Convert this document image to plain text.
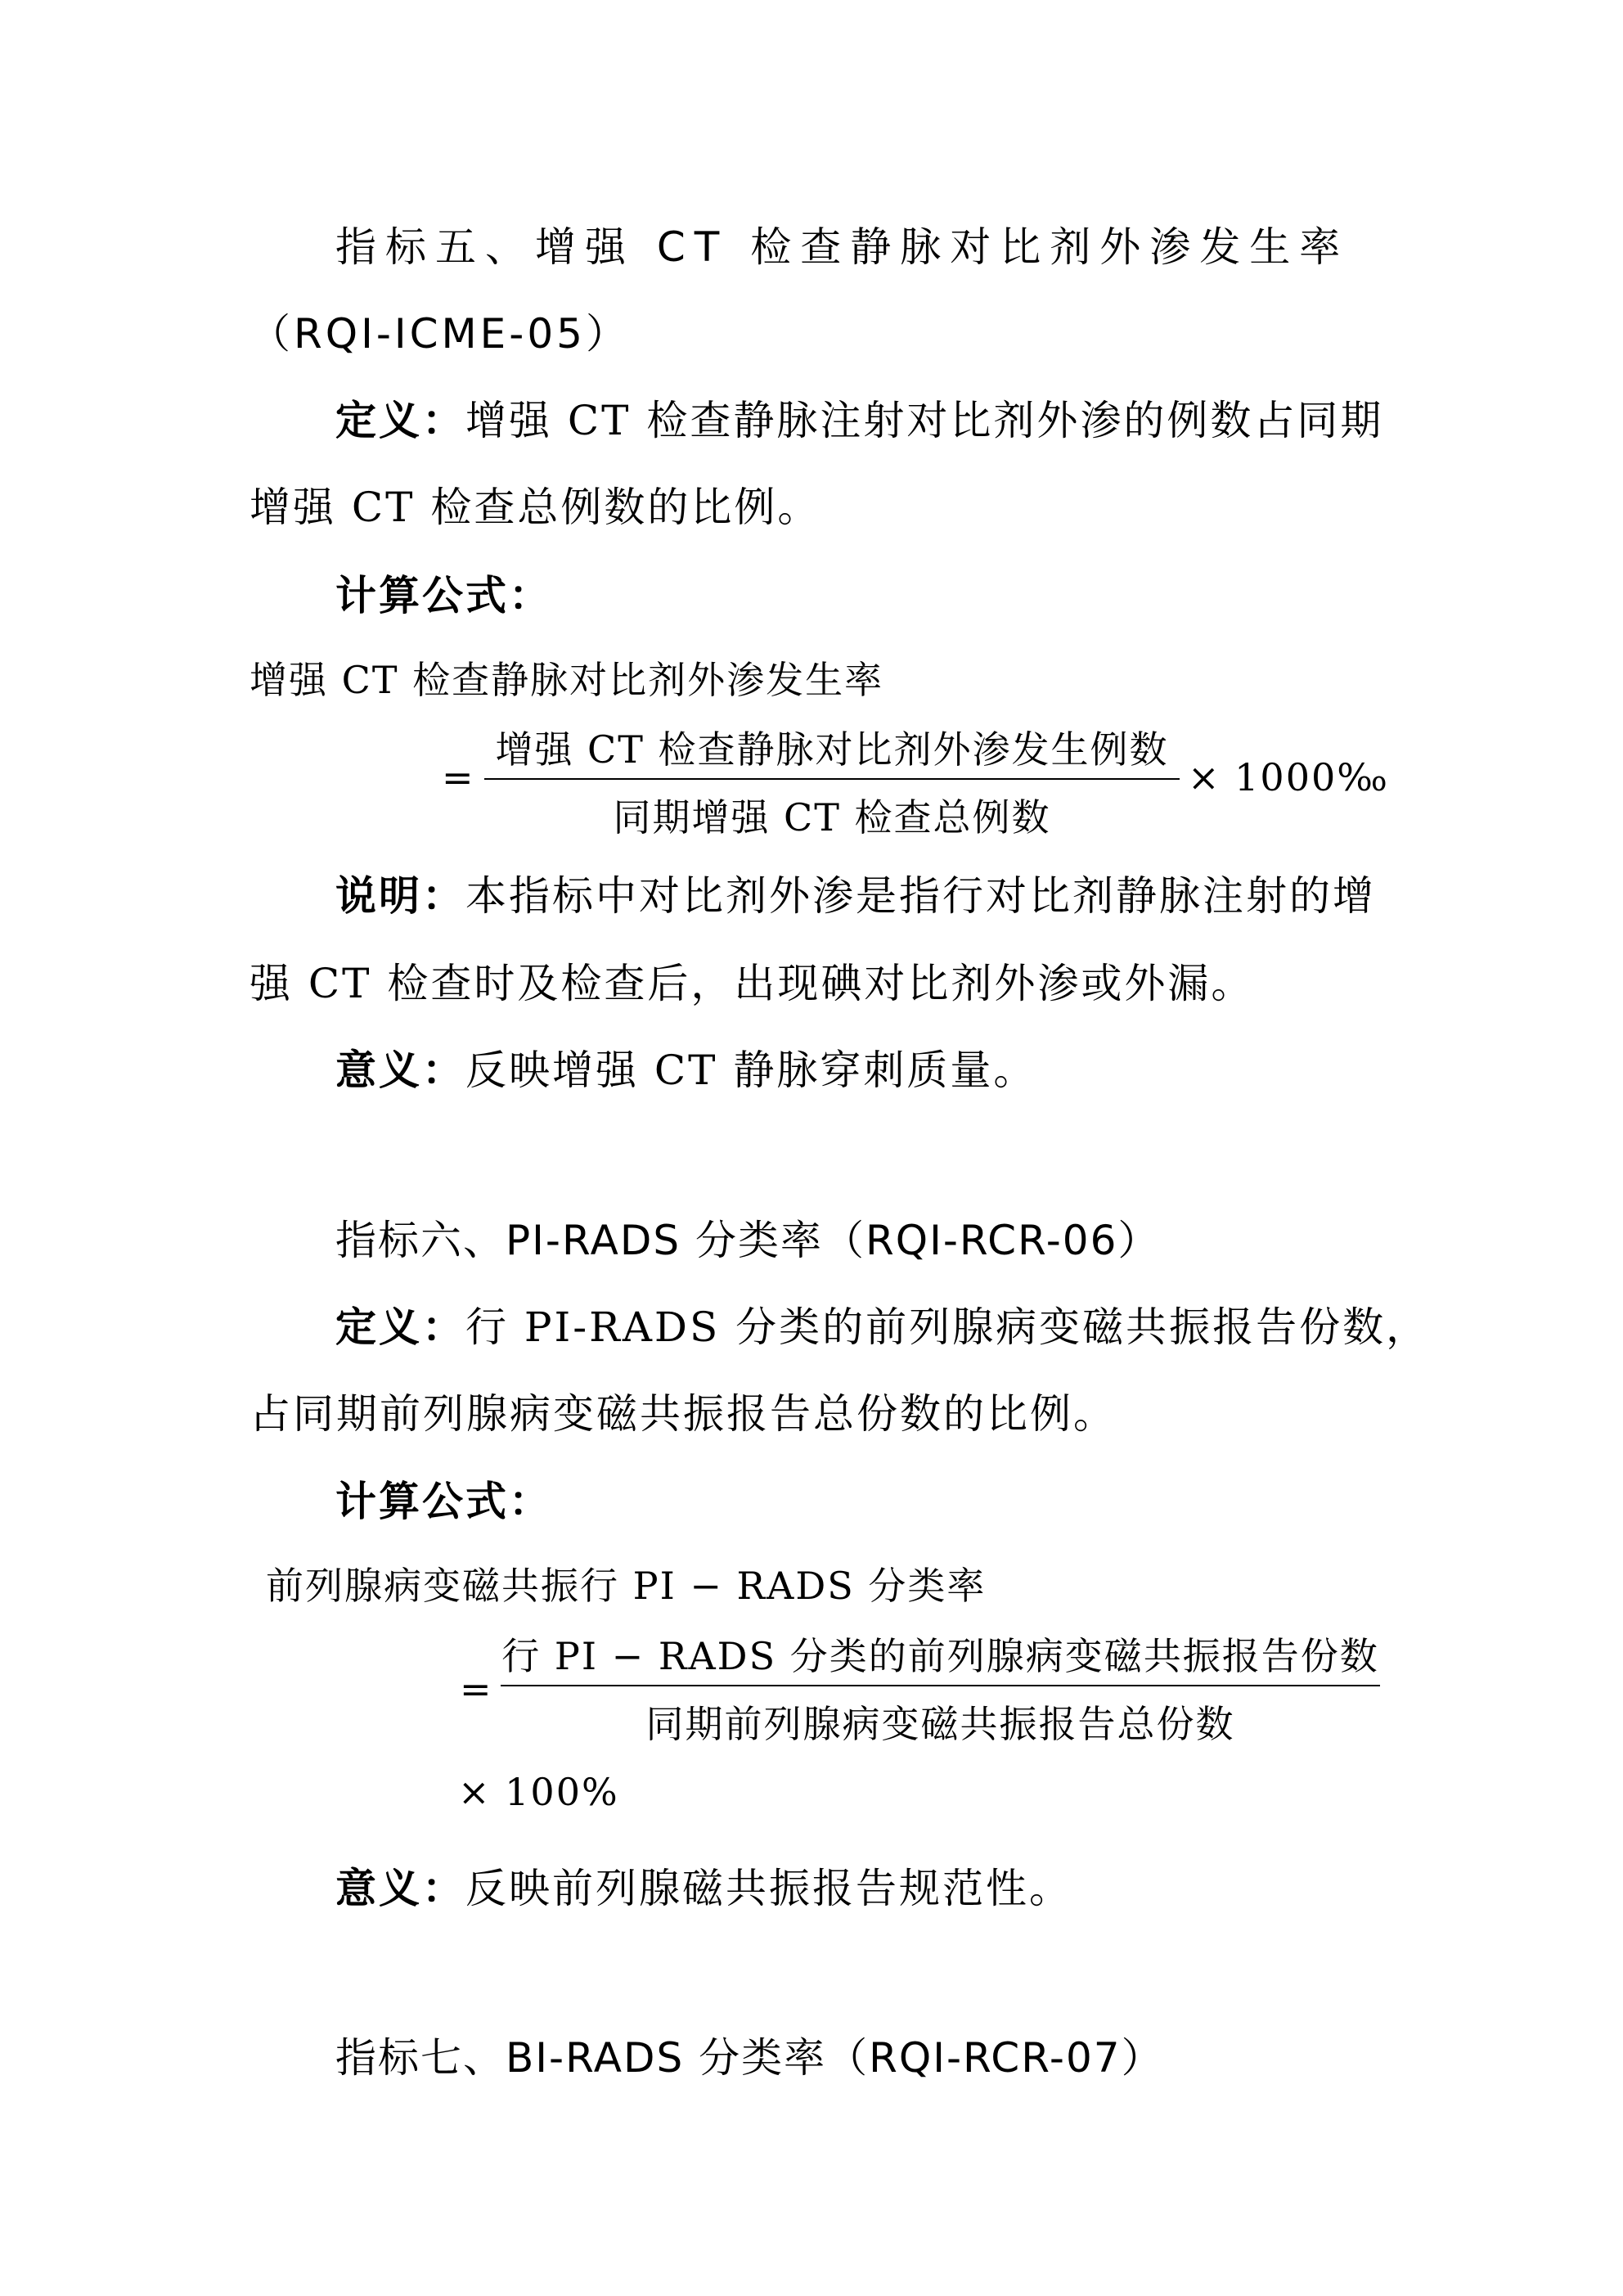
指标五、增强 CT 检查静脉对比剂外渗发生率
（RQI-ICME-05）
定义：增强 CT 检查静脉注射对比剂外渗的例数占同期
增强 CT 检查总例数的比例。
计算公式：
增强 CT 检查静脉对比剂外渗发生率
=
增强 CT 检查静脉对比剂外渗发生例数
同期增强 CT 检查总例数
× 1000‰
说明：本指标中对比剂外渗是指行对比剂静脉注射的增
强 CT 检查时及检查后，出现碘对比剂外渗或外漏。
意义：反映增强 CT 静脉穿刺质量。
指标六、PI-RADS 分类率（RQI-RCR-06）
定义：行 PI-RADS 分类的前列腺病变磁共振报告份数，
占同期前列腺病变磁共振报告总份数的比例。
计算公式：
前列腺病变磁共振行 PI − RADS 分类率
=
行 PI − RADS 分类的前列腺病变磁共振报告份数
同期前列腺病变磁共振报告总份数
× 100%
意义：反映前列腺磁共振报告规范性。
指标七、BI-RADS 分类率（RQI-RCR-07）
